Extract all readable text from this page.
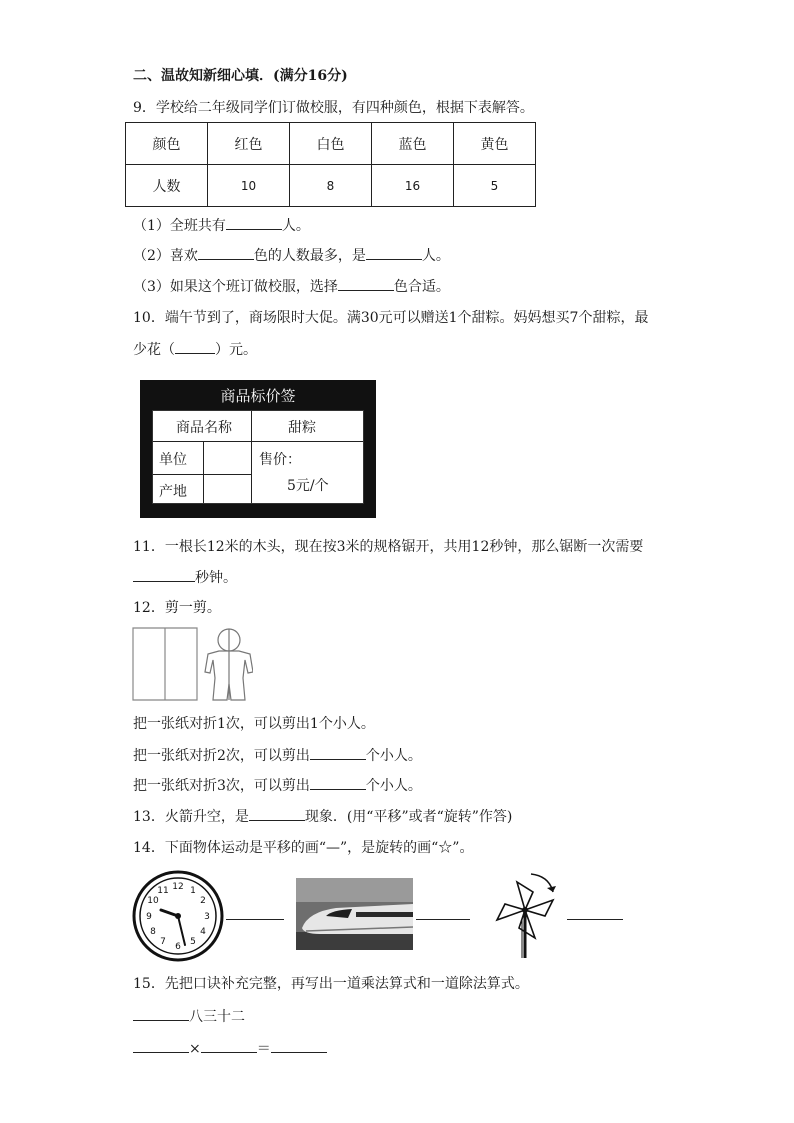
二、温故知新细心填．(满分16分)
9．学校给二年级同学们订做校服，有四种颜色，根据下表解答。
颜色	红色	白色	蓝色	黄色
人数	10	8	16	5
（1）全班共有	人。
（2）喜欢	色的人数最多，是	人。
（3）如果这个班订做校服，选择	色合适。
10．端午节到了，商场限时大促。满30元可以赠送1个甜粽。妈妈想买7个甜粽，最
少花（	）元。
商品标价签
商品名称	甜粽
单位
产地
售价：
5元/个
11．一根长12米的木头，现在按3米的规格锯开，共用12秒钟，那么锯断一次需要
秒钟。
12．剪一剪。
把一张纸对折1次，可以剪出1个小人。
把一张纸对折2次，可以剪出	个小人。
把一张纸对折3次，可以剪出	个小人。
13．火箭升空，是	现象．(用“平移”或者“旋转”作答)
14．下面物体运动是平移的画“—”，是旋转的画“☆”。
12 1
2
3
4
5
6
7
8
9
10
11
15．先把口诀补充完整，再写出一道乘法算式和一道除法算式。
八三十二
×	＝
